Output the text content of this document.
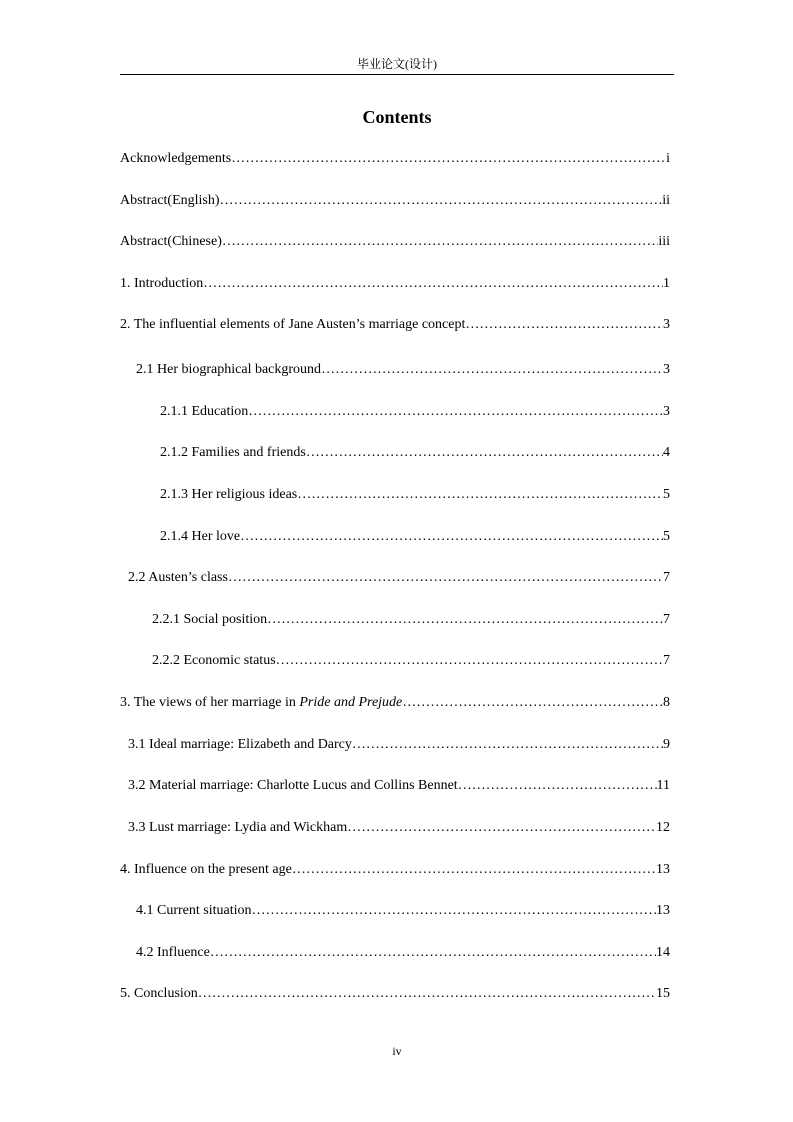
毕业论文(设计)
Contents
Acknowledgements ……………………………………………………………………………………………………………………………………………………………………	i
Abstract(English) ……………………………………………………………………………………………………………………………………………………………………	ii
Abstract(Chinese) ……………………………………………………………………………………………………………………………………………………………………	iii
1. Introduction ……………………………………………………………………………………………………………………………………………………………………	1
2. The influential elements of Jane Austen’s marriage concept ……………………………………………………………………………………………………………………………………………………………………	3
2.1 Her biographical background ……………………………………………………………………………………………………………………………………………………………………	3
2.1.1 Education ……………………………………………………………………………………………………………………………………………………………………	3
2.1.2 Families and friends ……………………………………………………………………………………………………………………………………………………………………	4
2.1.3 Her religious ideas ……………………………………………………………………………………………………………………………………………………………………	5
2.1.4 Her love ……………………………………………………………………………………………………………………………………………………………………	5
2.2 Austen’s class ……………………………………………………………………………………………………………………………………………………………………	7
2.2.1 Social position ……………………………………………………………………………………………………………………………………………………………………	7
2.2.2 Economic status ……………………………………………………………………………………………………………………………………………………………………	7
3. The views of her marriage in Pride and Prejude ……………………………………………………………………………………………………………………………………………………………………	8
3.1 Ideal marriage: Elizabeth and Darcy ……………………………………………………………………………………………………………………………………………………………………	9
3.2 Material marriage: Charlotte Lucus and Collins Bennet ……………………………………………………………………………………………………………………………………………………………………	11
3.3 Lust marriage: Lydia and Wickham ……………………………………………………………………………………………………………………………………………………………………	12
4. Influence on the present age ……………………………………………………………………………………………………………………………………………………………………	13
4.1 Current situation ……………………………………………………………………………………………………………………………………………………………………	13
4.2 Influence ……………………………………………………………………………………………………………………………………………………………………	14
5. Conclusion ……………………………………………………………………………………………………………………………………………………………………	15
iv
